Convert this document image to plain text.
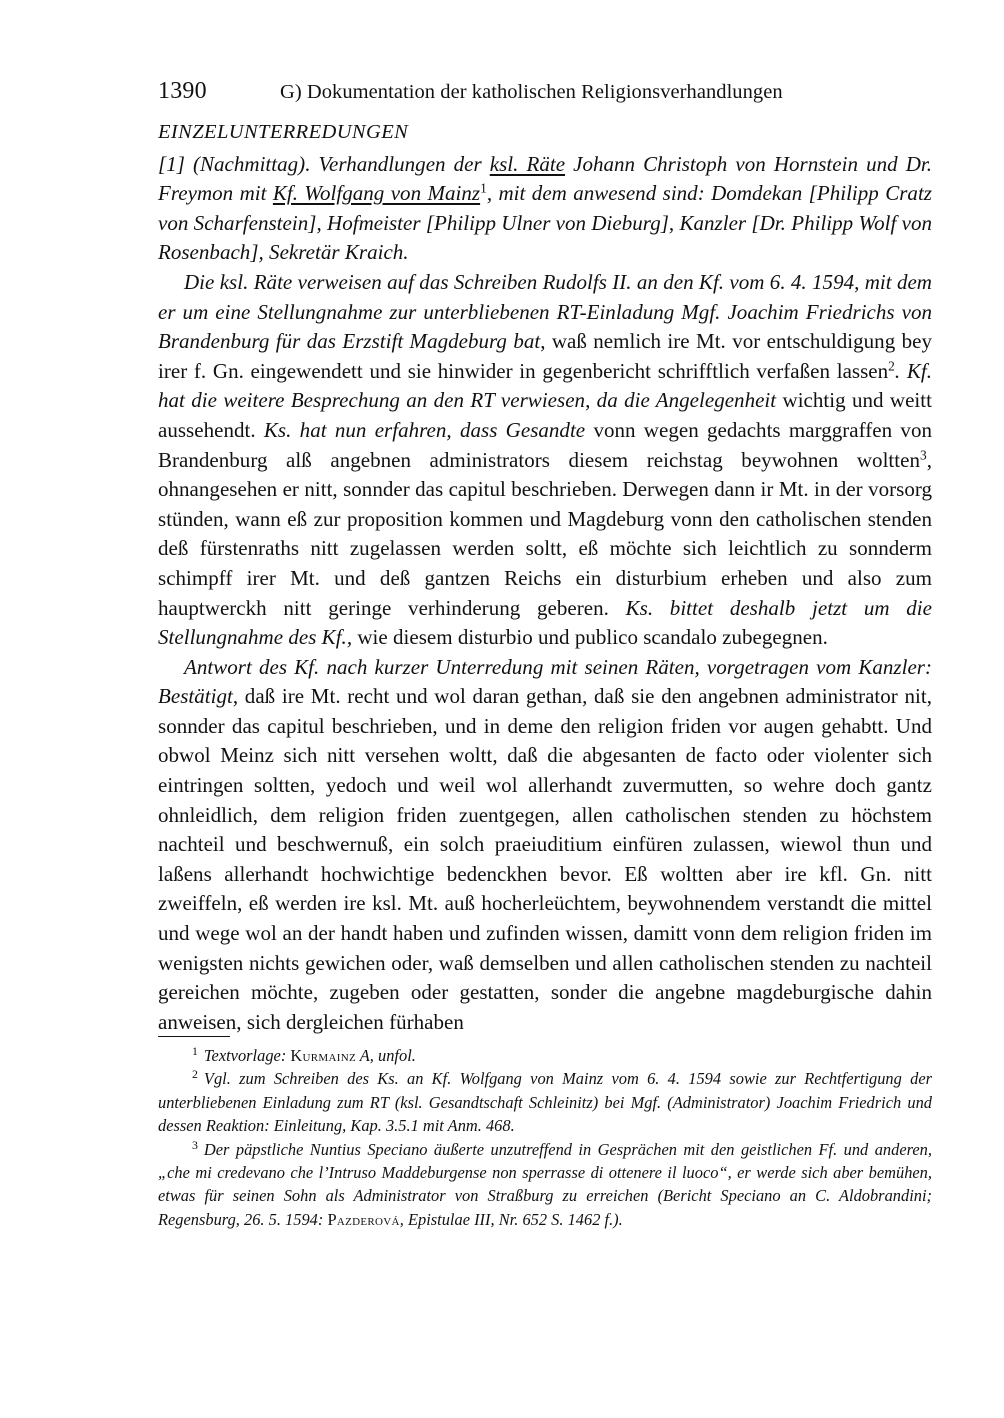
1390	G) Dokumentation der katholischen Religionsverhandlungen
EINZELUNTERREDUNGEN

[1] (Nachmittag). Verhandlungen der ksl. Räte Johann Christoph von Hornstein und Dr. Freymon mit Kf. Wolfgang von Mainz$^1$, mit dem anwesend sind: Domdekan [Philipp Cratz von Scharfenstein], Hofmeister [Philipp Ulner von Dieburg], Kanzler [Dr. Philipp Wolf von Rosenbach], Sekretär Kraich.

Die ksl. Räte verweisen auf das Schreiben Rudolfs II. an den Kf. vom 6. 4. 1594, mit dem er um eine Stellungnahme zur unterbliebenen RT-Einladung Mgf. Joachim Friedrichs von Brandenburg für das Erzstift Magdeburg bat, waß nemlich ire Mt. vor entschuldigung bey irer f. Gn. eingewendett und sie hinwider in gegenbericht schrifftlich verfaßen lassen$^2$. Kf. hat die weitere Besprechung an den RT verwiesen, da die Angelegenheit wichtig und weitt aussehendt. Ks. hat nun erfahren, dass Gesandte vonn wegen gedachts marggraffen von Brandenburg alß angebnen administrators diesem reichstag beywohnen woltten$^3$, ohnangesehen er nitt, sonnder das capitul beschrieben. Derwegen dann ir Mt. in der vorsorg stünden, wann eß zur proposition kommen und Magdeburg vonn den catholischen stenden deß fürstenraths nitt zugelassen werden soltt, eß möchte sich leichtlich zu sonnderm schimpff irer Mt. und deß gantzen Reichs ein disturbium erheben und also zum hauptwerckh nitt geringe verhinderung geberen. Ks. bittet deshalb jetzt um die Stellungnahme des Kf., wie diesem disturbio und publico scandalo zubegegnen.

Antwort des Kf. nach kurzer Unterredung mit seinen Räten, vorgetragen vom Kanzler: Bestätigt, daß ire Mt. recht und wol daran gethan, daß sie den angebnen administrator nit, sonnder das capitul beschrieben, und in deme den religion friden vor augen gehabtt. Und obwol Meinz sich nitt versehen woltt, daß die abgesanten de facto oder violenter sich eintringen soltten, yedoch und weil wol allerhandt zuvermutten, so wehre doch gantz ohnleidlich, dem religion friden zuentgegen, allen catholischen stenden zu höchstem nachteil und beschwernuß, ein solch praeiuditium einfüren zulassen, wiewol thun und laßens allerhandt hochwichtige bedenckhen bevor. Eß woltten aber ire kfl. Gn. nitt zweiffeln, eß werden ire ksl. Mt. auß hocherleüchtem, beywohnendem verstandt die mittel und wege wol an der handt haben und zufinden wissen, damitt vonn dem religion friden im wenigsten nichts gewichen oder, waß demselben und allen catholischen stenden zu nachteil gereichen möchte, zugeben oder gestatten, sonder die angebne magdeburgische dahin anweisen, sich dergleichen fürhaben

$^1$ Textvorlage: Kurmainz A, unfol.

$^2$ Vgl. zum Schreiben des Ks. an Kf. Wolfgang von Mainz vom 6. 4. 1594 sowie zur Rechtfertigung der unterbliebenen Einladung zum RT (ksl. Gesandtschaft Schleinitz) bei Mgf. (Administrator) Joachim Friedrich und dessen Reaktion: Einleitung, Kap. 3.5.1 mit Anm. 468.

$^3$ Der päpstliche Nuntius Speciano äußerte unzutreffend in Gesprächen mit den geistlichen Ff. und anderen, „che mi credevano che l’Intruso Maddeburgense non sperrasse di ottenere il luoco“, er werde sich aber bemühen, etwas für seinen Sohn als Administrator von Straßburg zu erreichen (Bericht Speciano an C. Aldobrandini; Regensburg, 26. 5. 1594: Pazderová, Epistulae III, Nr. 652 S. 1462 f.).
